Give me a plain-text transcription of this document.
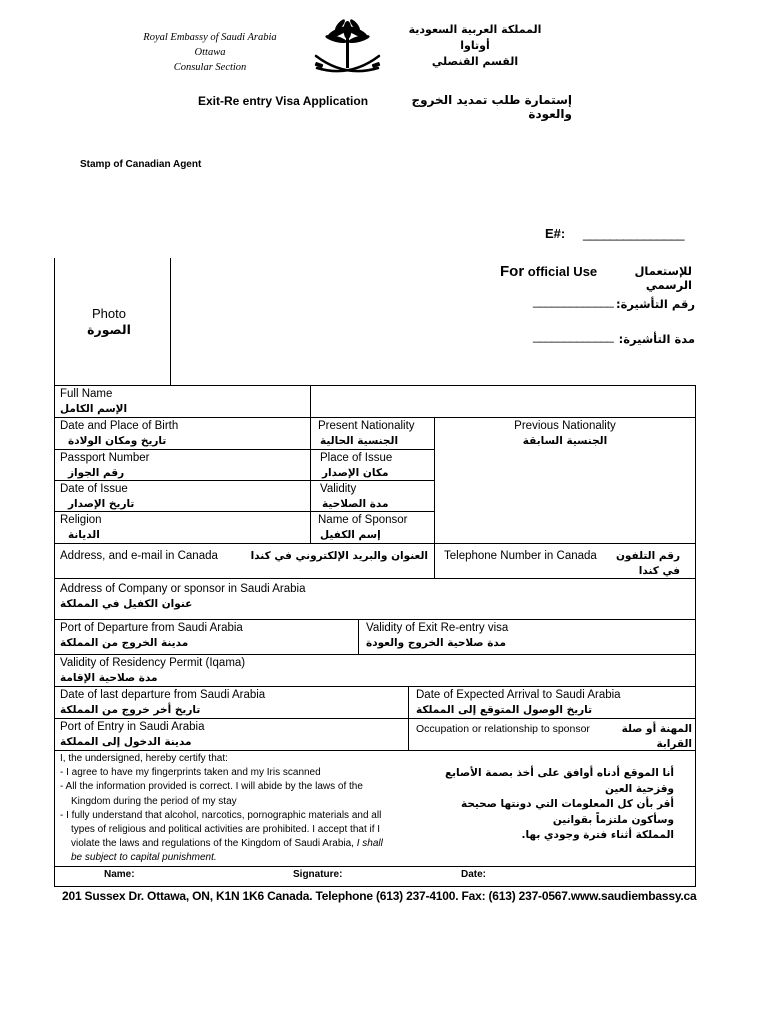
Royal Embassy of Saudi Arabia
Ottawa
Consular Section
المملكة العربية السعودية
أوتاوا
القسم القنصلي
Exit-Re entry Visa Application	إستمارة طلب تمديد الخروج والعودة
Stamp of Canadian Agent
E#: _______________
For official Use	للإستعمال الرسمي
_____________ رقم التأشيرة:
_____________ مدة التأشيرة:
Photo
الصورة
Full Name
الإسم الكامل
Date and Place of Birth
تاريخ ومكان الولادة
Present Nationality
الجنسية الحالية
Previous Nationality
الجنسية السابقة
Passport Number
رقم الجواز
Place of Issue
مكان الإصدار
Date of Issue
تاريخ الإصدار
Validity
مدة الصلاحية
Religion
الديانة
Name of Sponsor
إسم الكفيل
Address, and e-mail in Canada	العنوان والبريد الإلكتروني في كندا Telephone Number in Canada	رقم التلفون في كندا
Address of Company or sponsor in Saudi Arabia
عنوان الكفيل في المملكة
Port of Departure from Saudi Arabia
مدينة الخروج من المملكة
Validity of Exit Re-entry visa
مدة صلاحية الخروج والعودة
Validity of Residency Permit (Iqama)
مدة صلاحية الإقامة
Date of last departure from Saudi Arabia
تاريخ أخر خروج من المملكة
Date of Expected Arrival to Saudi Arabia
تاريخ الوصول المتوقع إلى المملكة
Port of Entry in Saudi Arabia
مدينة الدخول إلى المملكة
Occupation or relationship to sponsor	المهنة أو صلة القرابة
I, the undersigned, hereby certify that:
- I agree to have my fingerprints taken and my Iris scanned
- All the information provided is correct. I will abide by the laws of the
Kingdom during the period of my stay
- I fully understand that alcohol, narcotics, pornographic materials and all
types of religious and political activities are prohibited. I accept that if I
violate the laws and regulations of the Kingdom of Saudi Arabia, I shall
be subject to capital punishment.
أنا الموقع أدناه أوافق على أخذ بصمة الأصابع وقزحية العين
أقر بأن كل المعلومات التي دونتها صحيحة وسأكون ملتزماً بقوانين
المملكة أثناء فترة وجودي بها.
Name:	Signature:	Date:
201 Sussex Dr. Ottawa, ON, K1N 1K6 Canada. Telephone (613) 237-4100. Fax: (613) 237-0567.www.saudiembassy.ca
